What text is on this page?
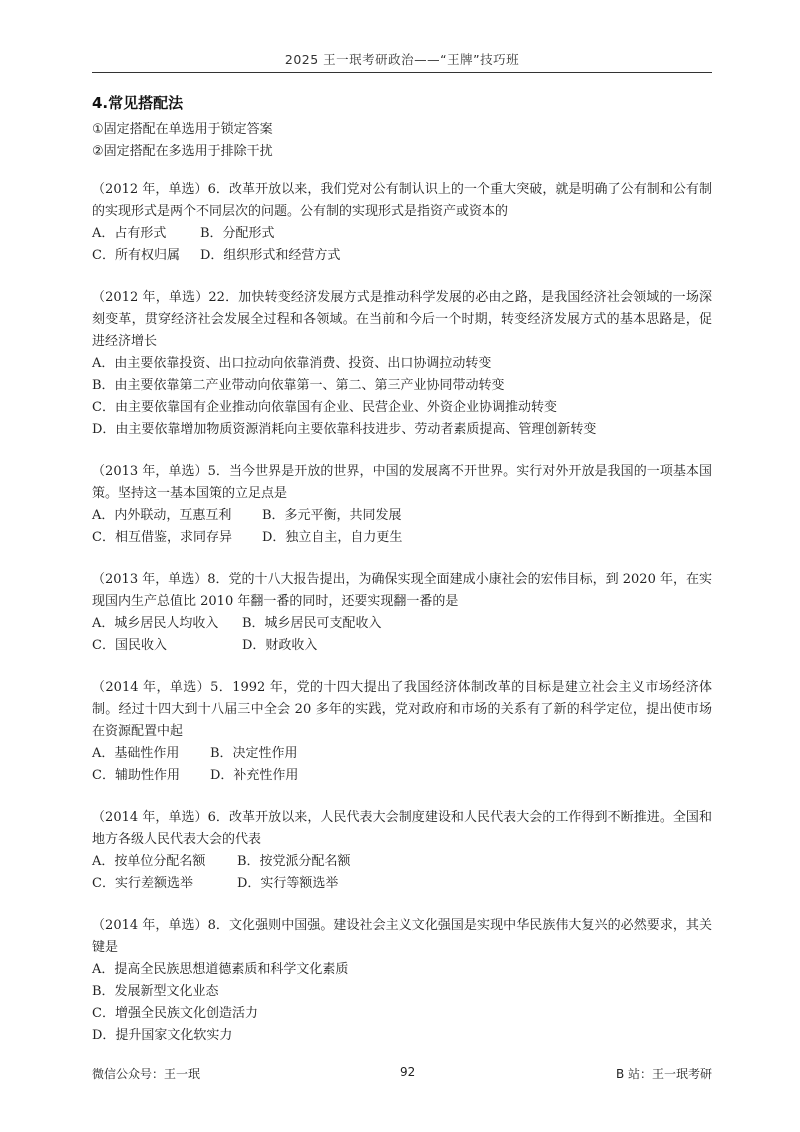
2025 王一珉考研政治——“王牌”技巧班
4.常见搭配法
①固定搭配在单选用于锁定答案
②固定搭配在多选用于排除干扰
（2012 年，单选）6．改革开放以来，我们党对公有制认识上的一个重大突破，就是明确了公有制和公有制的实现形式是两个不同层次的问题。公有制的实现形式是指资产或资本的
A．占有形式	B．分配形式
C．所有权归属	D．组织形式和经营方式
（2012 年，单选）22．加快转变经济发展方式是推动科学发展的必由之路，是我国经济社会领域的一场深刻变革，贯穿经济社会发展全过程和各领域。在当前和今后一个时期，转变经济发展方式的基本思路是，促进经济增长
A．由主要依靠投资、出口拉动向依靠消费、投资、出口协调拉动转变
B．由主要依靠第二产业带动向依靠第一、第二、第三产业协同带动转变
C．由主要依靠国有企业推动向依靠国有企业、民营企业、外资企业协调推动转变
D．由主要依靠增加物质资源消耗向主要依靠科技进步、劳动者素质提高、管理创新转变
（2013 年，单选）5．当今世界是开放的世界，中国的发展离不开世界。实行对外开放是我国的一项基本国策。坚持这一基本国策的立足点是
A．内外联动，互惠互利	B．多元平衡，共同发展
C．相互借鉴，求同存异	D．独立自主，自力更生
（2013 年，单选）8．党的十八大报告提出，为确保实现全面建成小康社会的宏伟目标，到 2020 年，在实现国内生产总值比 2010 年翻一番的同时，还要实现翻一番的是
A．城乡居民人均收入	B．城乡居民可支配收入
C．国民收入	D．财政收入
（2014 年，单选）5．1992 年，党的十四大提出了我国经济体制改革的目标是建立社会主义市场经济体制。经过十四大到十八届三中全会 20 多年的实践，党对政府和市场的关系有了新的科学定位，提出使市场在资源配置中起
A．基础性作用	B．决定性作用
C．辅助性作用	D．补充性作用
（2014 年，单选）6．改革开放以来，人民代表大会制度建设和人民代表大会的工作得到不断推进。全国和地方各级人民代表大会的代表
A．按单位分配名额	B．按党派分配名额
C．实行差额选举	D．实行等额选举
（2014 年，单选）8．文化强则中国强。建设社会主义文化强国是实现中华民族伟大复兴的必然要求，其关键是
A．提高全民族思想道德素质和科学文化素质
B．发展新型文化业态
C．增强全民族文化创造活力
D．提升国家文化软实力
微信公众号：王一珉	92	B 站：王一珉考研
